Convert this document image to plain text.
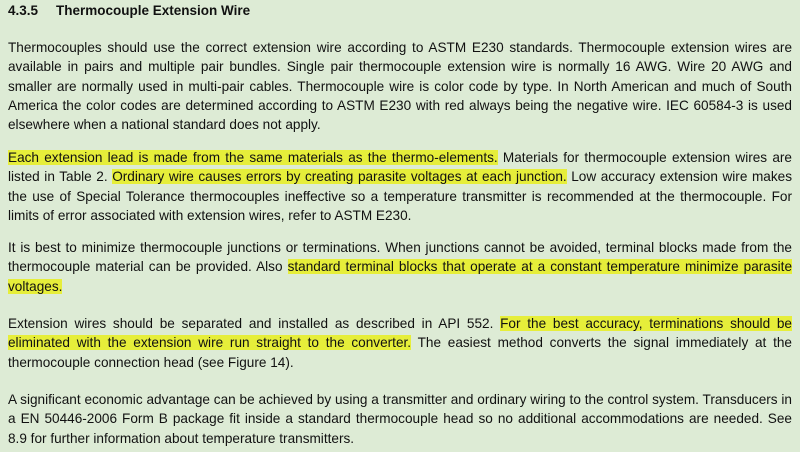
4.3.5 Thermocouple Extension Wire

Thermocouples should use the correct extension wire according to ASTM E230 standards. Thermocouple extension wires are available in pairs and multiple pair bundles. Single pair thermocouple extension wire is normally 16 AWG. Wire 20 AWG and smaller are normally used in multi-pair cables. Thermocouple wire is color code by type. In North American and much of South America the color codes are determined according to ASTM E230 with red always being the negative wire. IEC 60584-3 is used elsewhere when a national standard does not apply.

Each extension lead is made from the same materials as the thermo-elements. Materials for thermocouple extension wires are listed in Table 2. Ordinary wire causes errors by creating parasite voltages at each junction. Low accuracy extension wire makes the use of Special Tolerance thermocouples ineffective so a temperature transmitter is recommended at the thermocouple. For limits of error associated with extension wires, refer to ASTM E230.

It is best to minimize thermocouple junctions or terminations. When junctions cannot be avoided, terminal blocks made from the thermocouple material can be provided. Also standard terminal blocks that operate at a constant temperature minimize parasite voltages.

Extension wires should be separated and installed as described in API 552. For the best accuracy, terminations should be eliminated with the extension wire run straight to the converter. The easiest method converts the signal immediately at the thermocouple connection head (see Figure 14).

A significant economic advantage can be achieved by using a transmitter and ordinary wiring to the control system. Transducers in a EN 50446-2006 Form B package fit inside a standard thermocouple head so no additional accommodations are needed. See 8.9 for further information about temperature transmitters.
